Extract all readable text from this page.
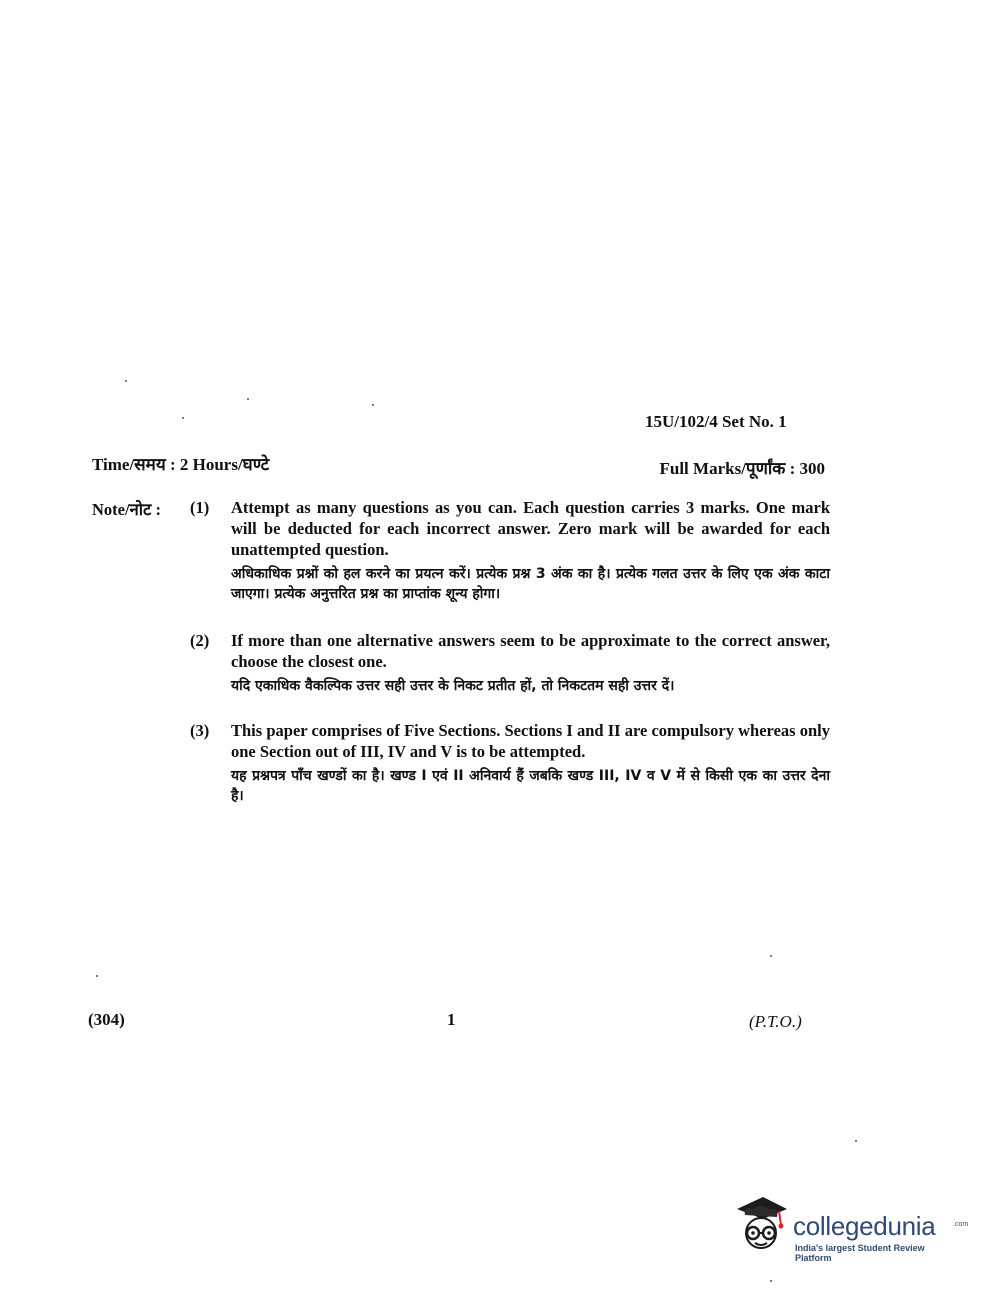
15U/102/4 Set No. 1
Time/समय : 2 Hours/घण्टे	Full Marks/पूर्णांक : 300
Note/नोट : (1) Attempt as many questions as you can. Each question carries 3 marks. One mark will be deducted for each incorrect answer. Zero mark will be awarded for each unattempted question.
अधिकाधिक प्रश्नों को हल करने का प्रयत्न करें। प्रत्येक प्रश्न 3 अंक का है। प्रत्येक गलत उत्तर के लिए एक अंक काटा जाएगा। प्रत्येक अनुत्तरित प्रश्न का प्राप्तांक शून्य होगा।
(2) If more than one alternative answers seem to be approximate to the correct answer, choose the closest one.
यदि एकाधिक वैकल्पिक उत्तर सही उत्तर के निकट प्रतीत हों, तो निकटतम सही उत्तर दें।
(3) This paper comprises of Five Sections. Sections I and II are compulsory whereas only one Section out of III, IV and V is to be attempted.
यह प्रश्नपत्र पाँच खण्डों का है। खण्ड I एवं II अनिवार्य हैं जबकि खण्ड III, IV व V में से किसी एक का उत्तर देना है।
(304)	1	(P.T.O.)
collegedunia	.com
India's largest Student Review Platform
